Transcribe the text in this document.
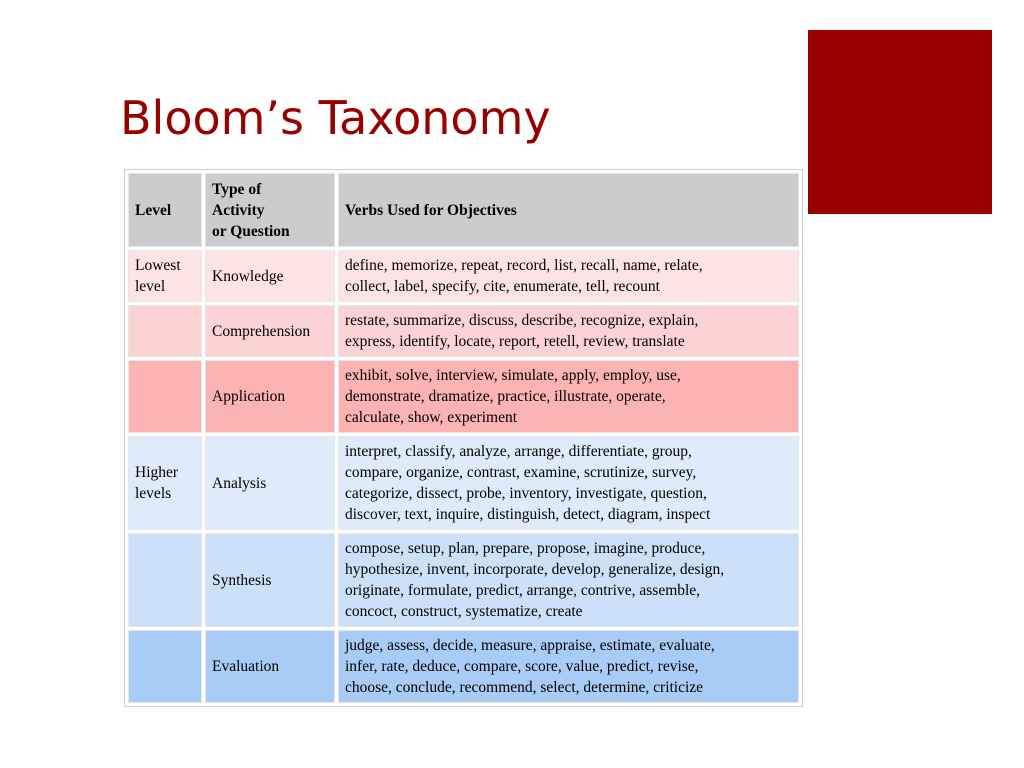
Bloom’s Taxonomy
Level	Type of
Activity
or Question	Verbs Used for Objectives
Lowest
level	Knowledge	define, memorize, repeat, record, list, recall, name, relate,
collect, label, specify, cite, enumerate, tell, recount
	Comprehension	restate, summarize, discuss, describe, recognize, explain,
express, identify, locate, report, retell, review, translate
	Application	exhibit, solve, interview, simulate, apply, employ, use,
demonstrate, dramatize, practice, illustrate, operate,
calculate, show, experiment
Higher
levels	Analysis	interpret, classify, analyze, arrange, differentiate, group,
compare, organize, contrast, examine, scrutinize, survey,
categorize, dissect, probe, inventory, investigate, question,
discover, text, inquire, distinguish, detect, diagram, inspect
	Synthesis	compose, setup, plan, prepare, propose, imagine, produce,
hypothesize, invent, incorporate, develop, generalize, design,
originate, formulate, predict, arrange, contrive, assemble,
concoct, construct, systematize, create
	Evaluation	judge, assess, decide, measure, appraise, estimate, evaluate,
infer, rate, deduce, compare, score, value, predict, revise,
choose, conclude, recommend, select, determine, criticize
